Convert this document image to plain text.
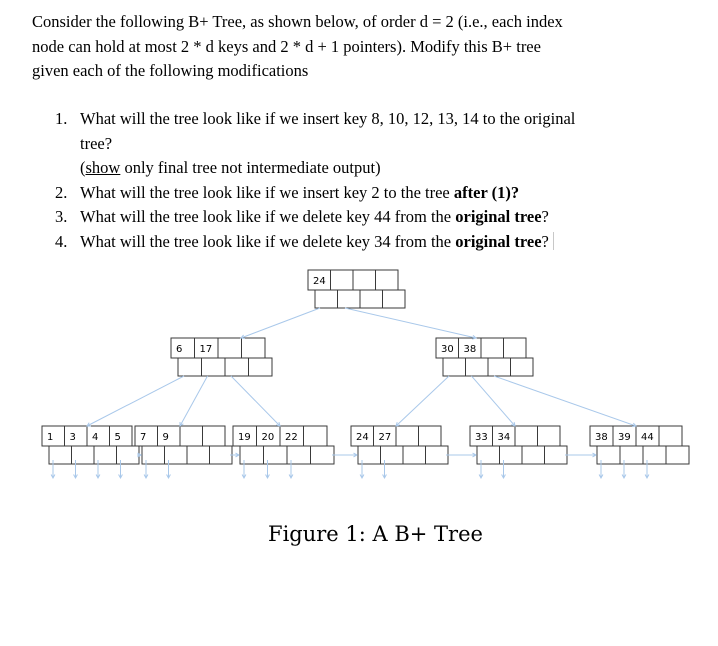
Consider the following B+ Tree, as shown below, of order d = 2 (i.e., each index
node can hold at most 2 * d keys and 2 * d + 1 pointers). Modify this B+ tree
given each of the following modifications

1. What will the tree look like if we insert key 8, 10, 12, 13, 14 to the original
tree?
(show only final tree not intermediate output)
2. What will the tree look like if we insert key 2 to the tree after (1)?
3. What will the tree look like if we delete key 44 from the original tree?
4. What will the tree look like if we delete key 34 from the original tree?
24
6 17	30 38
1 3 4 5 7 9	19 20 22	24 27	33 34	38 39 44
Figure 1: A B+ Tree
